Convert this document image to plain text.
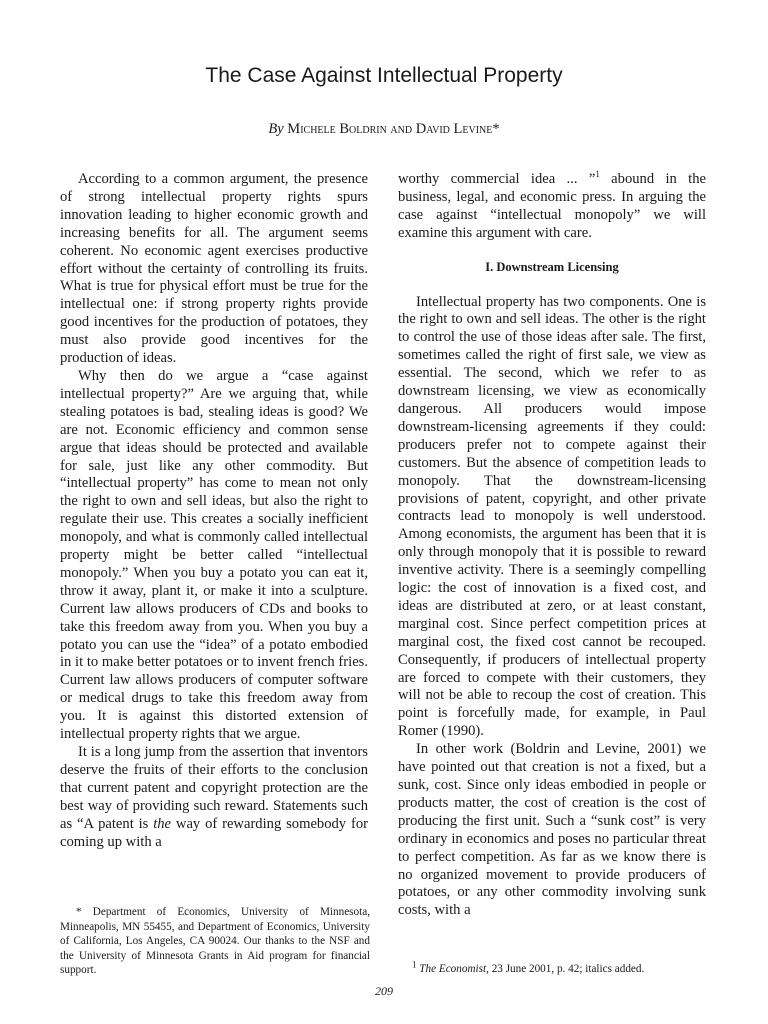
The Case Against Intellectual Property
By Michele Boldrin and David Levine*

According to a common argument, the presence of strong intellectual property rights spurs innovation leading to higher economic growth and increasing benefits for all. The argument seems coherent. No economic agent exercises productive effort without the certainty of controlling its fruits. What is true for physical effort must be true for the intellectual one: if strong property rights provide good incentives for the production of potatoes, they must also provide good incentives for the production of ideas.

Why then do we argue a “case against intellectual property?” Are we arguing that, while stealing potatoes is bad, stealing ideas is good? We are not. Economic efficiency and common sense argue that ideas should be protected and available for sale, just like any other commodity. But “intellectual property” has come to mean not only the right to own and sell ideas, but also the right to regulate their use. This creates a socially inefficient monopoly, and what is commonly called intellectual property might be better called “intellectual monopoly.” When you buy a potato you can eat it, throw it away, plant it, or make it into a sculpture. Current law allows producers of CDs and books to take this freedom away from you. When you buy a potato you can use the “idea” of a potato embodied in it to make better potatoes or to invent french fries. Current law allows producers of computer software or medical drugs to take this freedom away from you. It is against this distorted extension of intellectual property rights that we argue.

It is a long jump from the assertion that inventors deserve the fruits of their efforts to the conclusion that current patent and copyright protection are the best way of providing such reward. Statements such as “A patent is the way of rewarding somebody for coming up with a

worthy commercial idea ... ”$^1$ abound in the business, legal, and economic press. In arguing the case against “intellectual monopoly” we will examine this argument with care.

I. Downstream Licensing

Intellectual property has two components. One is the right to own and sell ideas. The other is the right to control the use of those ideas after sale. The first, sometimes called the right of first sale, we view as essential. The second, which we refer to as downstream licensing, we view as economically dangerous. All producers would impose downstream-licensing agreements if they could: producers prefer not to compete against their customers. But the absence of competition leads to monopoly. That the downstream-licensing provisions of patent, copyright, and other private contracts lead to monopoly is well understood. Among economists, the argument has been that it is only through monopoly that it is possible to reward inventive activity. There is a seemingly compelling logic: the cost of innovation is a fixed cost, and ideas are distributed at zero, or at least constant, marginal cost. Since perfect competition prices at marginal cost, the fixed cost cannot be recouped. Consequently, if producers of intellectual property are forced to compete with their customers, they will not be able to recoup the cost of creation. This point is forcefully made, for example, in Paul Romer (1990).

In other work (Boldrin and Levine, 2001) we have pointed out that creation is not a fixed, but a sunk, cost. Since only ideas embodied in people or products matter, the cost of creation is the cost of producing the first unit. Such a “sunk cost” is very ordinary in economics and poses no particular threat to perfect competition. As far as we know there is no organized movement to provide producers of potatoes, or any other commodity involving sunk costs, with a

* Department of Economics, University of Minnesota, Minneapolis, MN 55455, and Department of Economics, University of California, Los Angeles, CA 90024. Our thanks to the NSF and the University of Minnesota Grants in Aid program for financial support.

$^1$ The Economist, 23 June 2001, p. 42; italics added.

209
